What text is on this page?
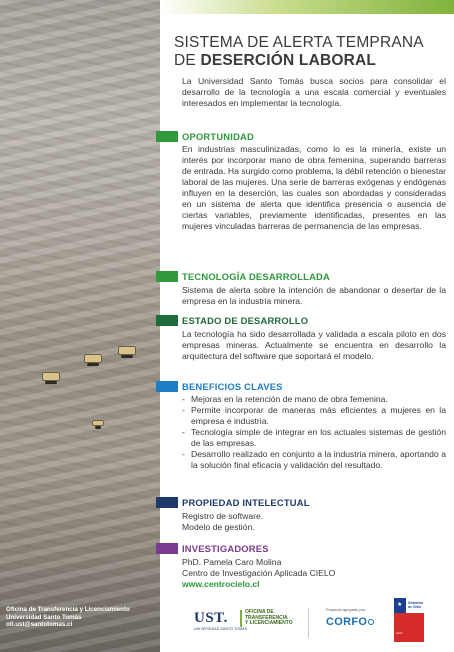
Oficina de Transferencia y Licenciamiento
Universidad Santo Tomás
otl.ust@santotomas.cl
SISTEMA DE ALERTA TEMPRANA
DE DESERCIÓN LABORAL
La Universidad Santo Tomás busca socios para consolidar el desarrollo de la tecnología a una escala comercial y eventuales interesados en implementar la tecnología.
OPORTUNIDAD
En industrias masculinizadas, como lo es la minería, existe un interés por incorporar mano de obra femenina, superando barreras de entrada. Ha surgido como problema, la débil retención o bienestar laboral de las mujeres. Una serie de barreras exógenas y endógenas influyen en la deserción, las cuales son abordadas y consideradas en un sistema de alerta que identifica presencia o ausencia de ciertas variables, previamente identificadas, presentes en las mujeres vinculadas barreras de permanencia de las empresas.
TECNOLOGÍA DESARROLLADA
Sistema de alerta sobre la intención de abandonar o desertar de la empresa en la industria minera.
ESTADO DE DESARROLLO
La tecnología ha sido desarrollada y validada a escala piloto en dos empresas mineras. Actualmente se encuentra en desarrollo la arquitectura del software que soportará el modelo.
BENEFICIOS CLAVES
- Mejoras en la retención de mano de obra femenina.
- Permite incorporar de maneras más eficientes a mujeres en la empresa e industria.
- Tecnología simple de integrar en los actuales sistemas de gestión de las empresas.
- Desarrollo realizado en conjunto a la industria minera, aportando a la solución final eficacia y validación del resultado.
PROPIEDAD INTELECTUAL
Registro de software.
Modelo de gestión.
INVESTIGADORES
PhD. Pamela Caro Molina
Centro de Investigación Aplicada CIELO
www.centrocielo.cl
UST.
UNIVERSIDAD SANTO TOMÁS
OFICINA DE
TRANSFERENCIA
Y LICENCIAMIENTO
Proyecto apoyado por
CORFO
★ Gobierno de Chile
corfo
